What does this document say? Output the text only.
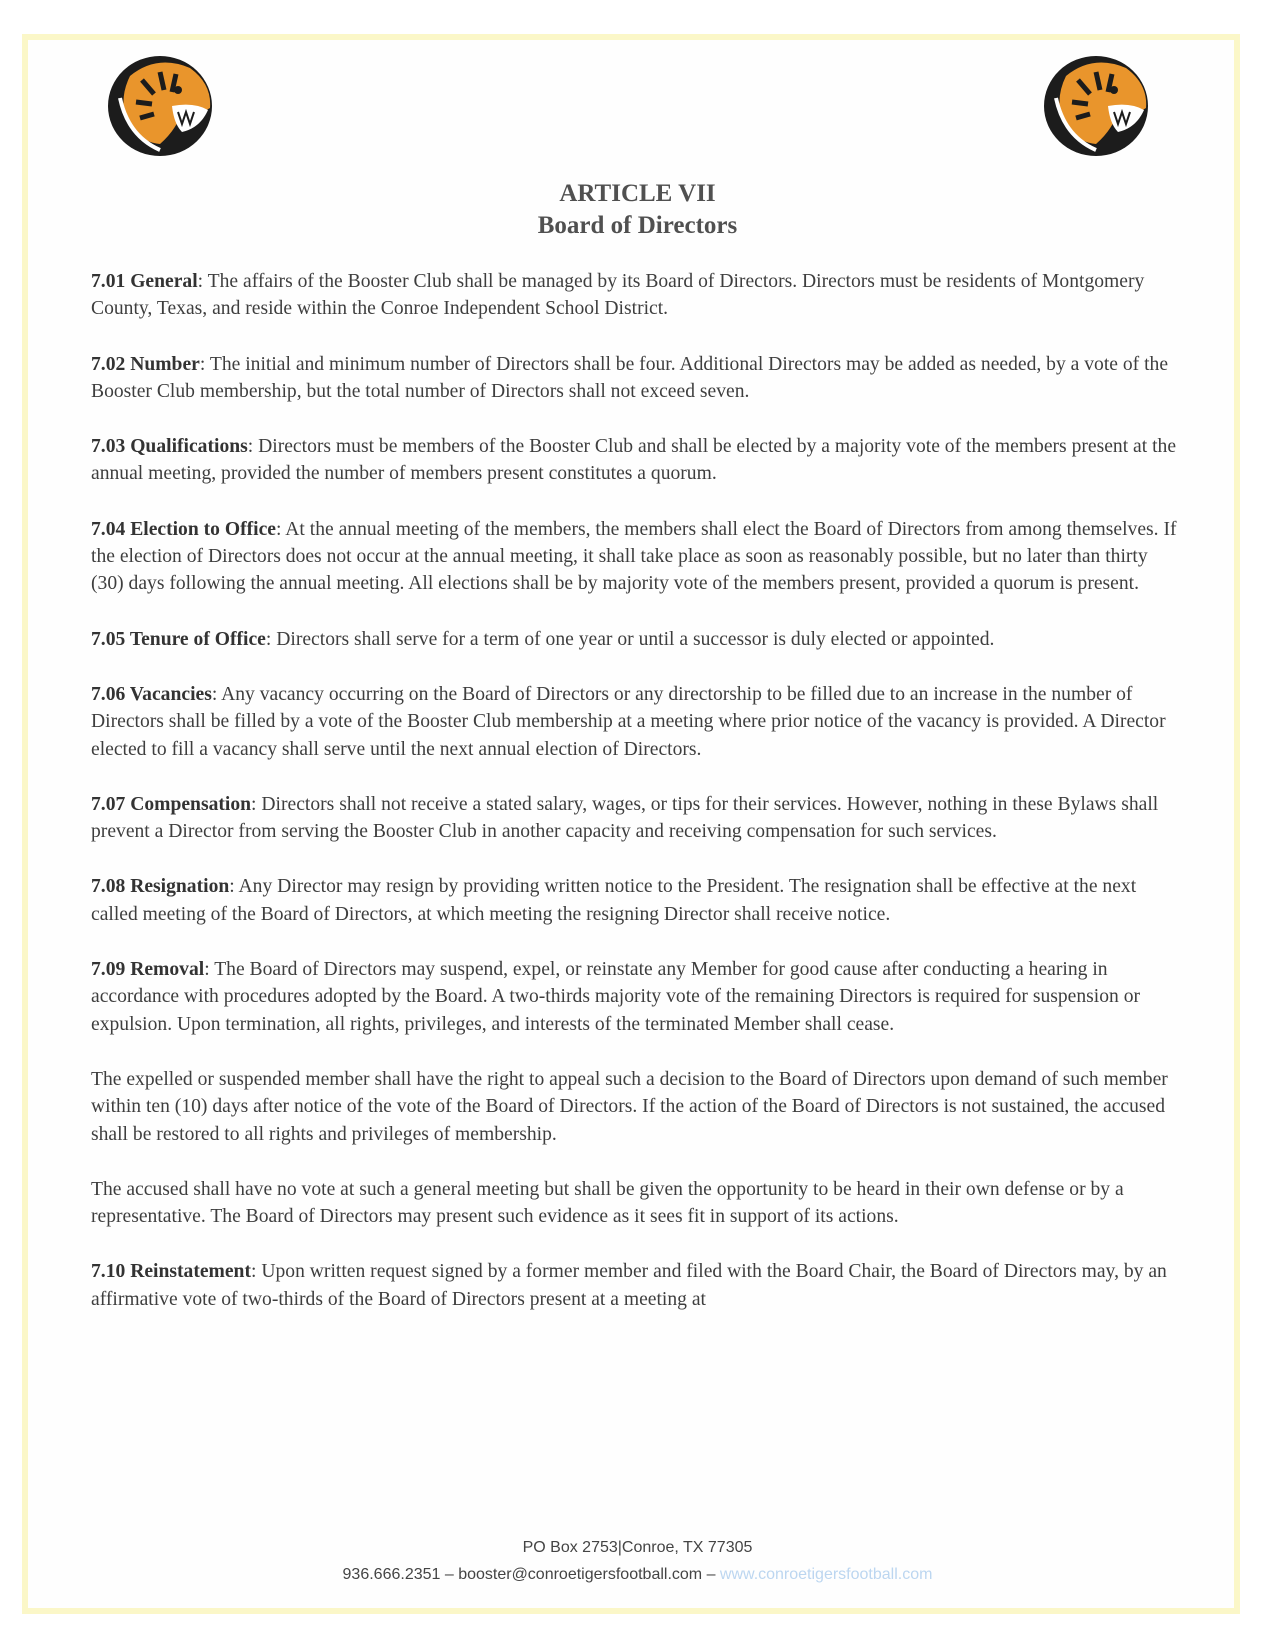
ARTICLE VII
Board of Directors

7.01 General: The affairs of the Booster Club shall be managed by its Board of Directors. Directors must be residents of Montgomery County, Texas, and reside within the Conroe Independent School District.

7.02 Number: The initial and minimum number of Directors shall be four. Additional Directors may be added as needed, by a vote of the Booster Club membership, but the total number of Directors shall not exceed seven.

7.03 Qualifications: Directors must be members of the Booster Club and shall be elected by a majority vote of the members present at the annual meeting, provided the number of members present constitutes a quorum.

7.04 Election to Office: At the annual meeting of the members, the members shall elect the Board of Directors from among themselves. If the election of Directors does not occur at the annual meeting, it shall take place as soon as reasonably possible, but no later than thirty (30) days following the annual meeting. All elections shall be by majority vote of the members present, provided a quorum is present.

7.05 Tenure of Office: Directors shall serve for a term of one year or until a successor is duly elected or appointed.

7.06 Vacancies: Any vacancy occurring on the Board of Directors or any directorship to be filled due to an increase in the number of Directors shall be filled by a vote of the Booster Club membership at a meeting where prior notice of the vacancy is provided. A Director elected to fill a vacancy shall serve until the next annual election of Directors.

7.07 Compensation: Directors shall not receive a stated salary, wages, or tips for their services. However, nothing in these Bylaws shall prevent a Director from serving the Booster Club in another capacity and receiving compensation for such services.

7.08 Resignation: Any Director may resign by providing written notice to the President. The resignation shall be effective at the next called meeting of the Board of Directors, at which meeting the resigning Director shall receive notice.

7.09 Removal: The Board of Directors may suspend, expel, or reinstate any Member for good cause after conducting a hearing in accordance with procedures adopted by the Board. A two-thirds majority vote of the remaining Directors is required for suspension or expulsion. Upon termination, all rights, privileges, and interests of the terminated Member shall cease.

The expelled or suspended member shall have the right to appeal such a decision to the Board of Directors upon demand of such member within ten (10) days after notice of the vote of the Board of Directors. If the action of the Board of Directors is not sustained, the accused shall be restored to all rights and privileges of membership.

The accused shall have no vote at such a general meeting but shall be given the opportunity to be heard in their own defense or by a representative. The Board of Directors may present such evidence as it sees fit in support of its actions.

7.10 Reinstatement: Upon written request signed by a former member and filed with the Board Chair, the Board of Directors may, by an affirmative vote of two-thirds of the Board of Directors present at a meeting at

PO Box 2753|Conroe, TX 77305
936.666.2351 – booster@conroetigersfootball.com – www.conroetigersfootball.com
